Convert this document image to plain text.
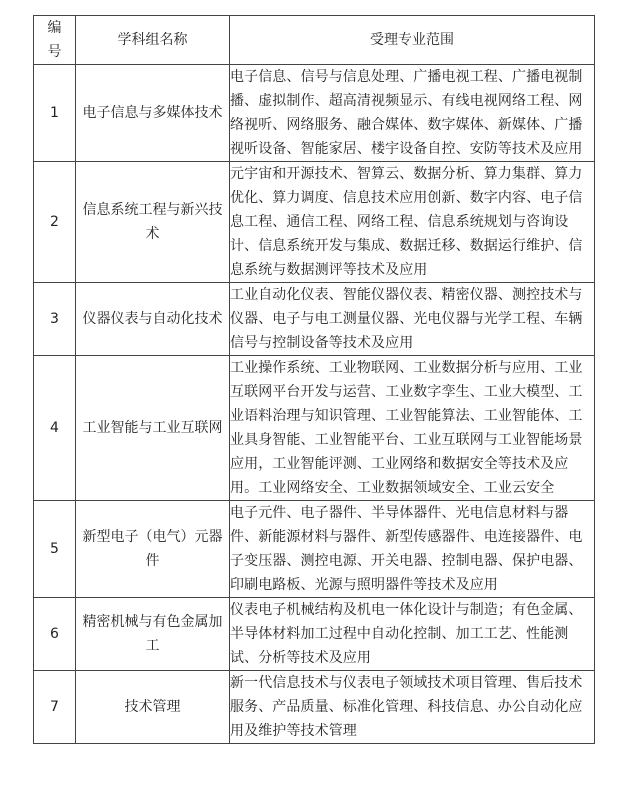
编
号	学科组名称	受理专业范围
1	电子信息与多媒体技术	电子信息、信号与信息处理、广播电视工程、广播电视制播、虚拟制作、超高清视频显示、有线电视网络工程、网络视听、网络服务、融合媒体、数字媒体、新媒体、广播视听设备、智能家居、楼宇设备自控、安防等技术及应用
2	信息系统工程与新兴技术	元宇宙和开源技术、智算云、数据分析、算力集群、算力优化、算力调度、信息技术应用创新、数字内容、电子信息工程、通信工程、网络工程、信息系统规划与咨询设计、信息系统开发与集成、数据迁移、数据运行维护、信息系统与数据测评等技术及应用
3	仪器仪表与自动化技术	工业自动化仪表、智能仪器仪表、精密仪器、测控技术与仪器、电子与电工测量仪器、光电仪器与光学工程、车辆信号与控制设备等技术及应用
4	工业智能与工业互联网	工业操作系统、工业物联网、工业数据分析与应用、工业互联网平台开发与运营、工业数字孪生、工业大模型、工业语料治理与知识管理、工业智能算法、工业智能体、工业具身智能、工业智能平台、工业互联网与工业智能场景应用，工业智能评测、工业网络和数据安全等技术及应用。工业网络安全、工业数据领域安全、工业云安全
5	新型电子（电气）元器件	电子元件、电子器件、半导体器件、光电信息材料与器件、新能源材料与器件、新型传感器件、电连接器件、电子变压器、测控电源、开关电器、控制电器、保护电器、印刷电路板、光源与照明器件等技术及应用
6	精密机械与有色金属加工	仪表电子机械结构及机电一体化设计与制造；有色金属、半导体材料加工过程中自动化控制、加工工艺、性能测试、分析等技术及应用
7	技术管理	新一代信息技术与仪表电子领域技术项目管理、售后技术服务、产品质量、标准化管理、科技信息、办公自动化应用及维护等技术管理
